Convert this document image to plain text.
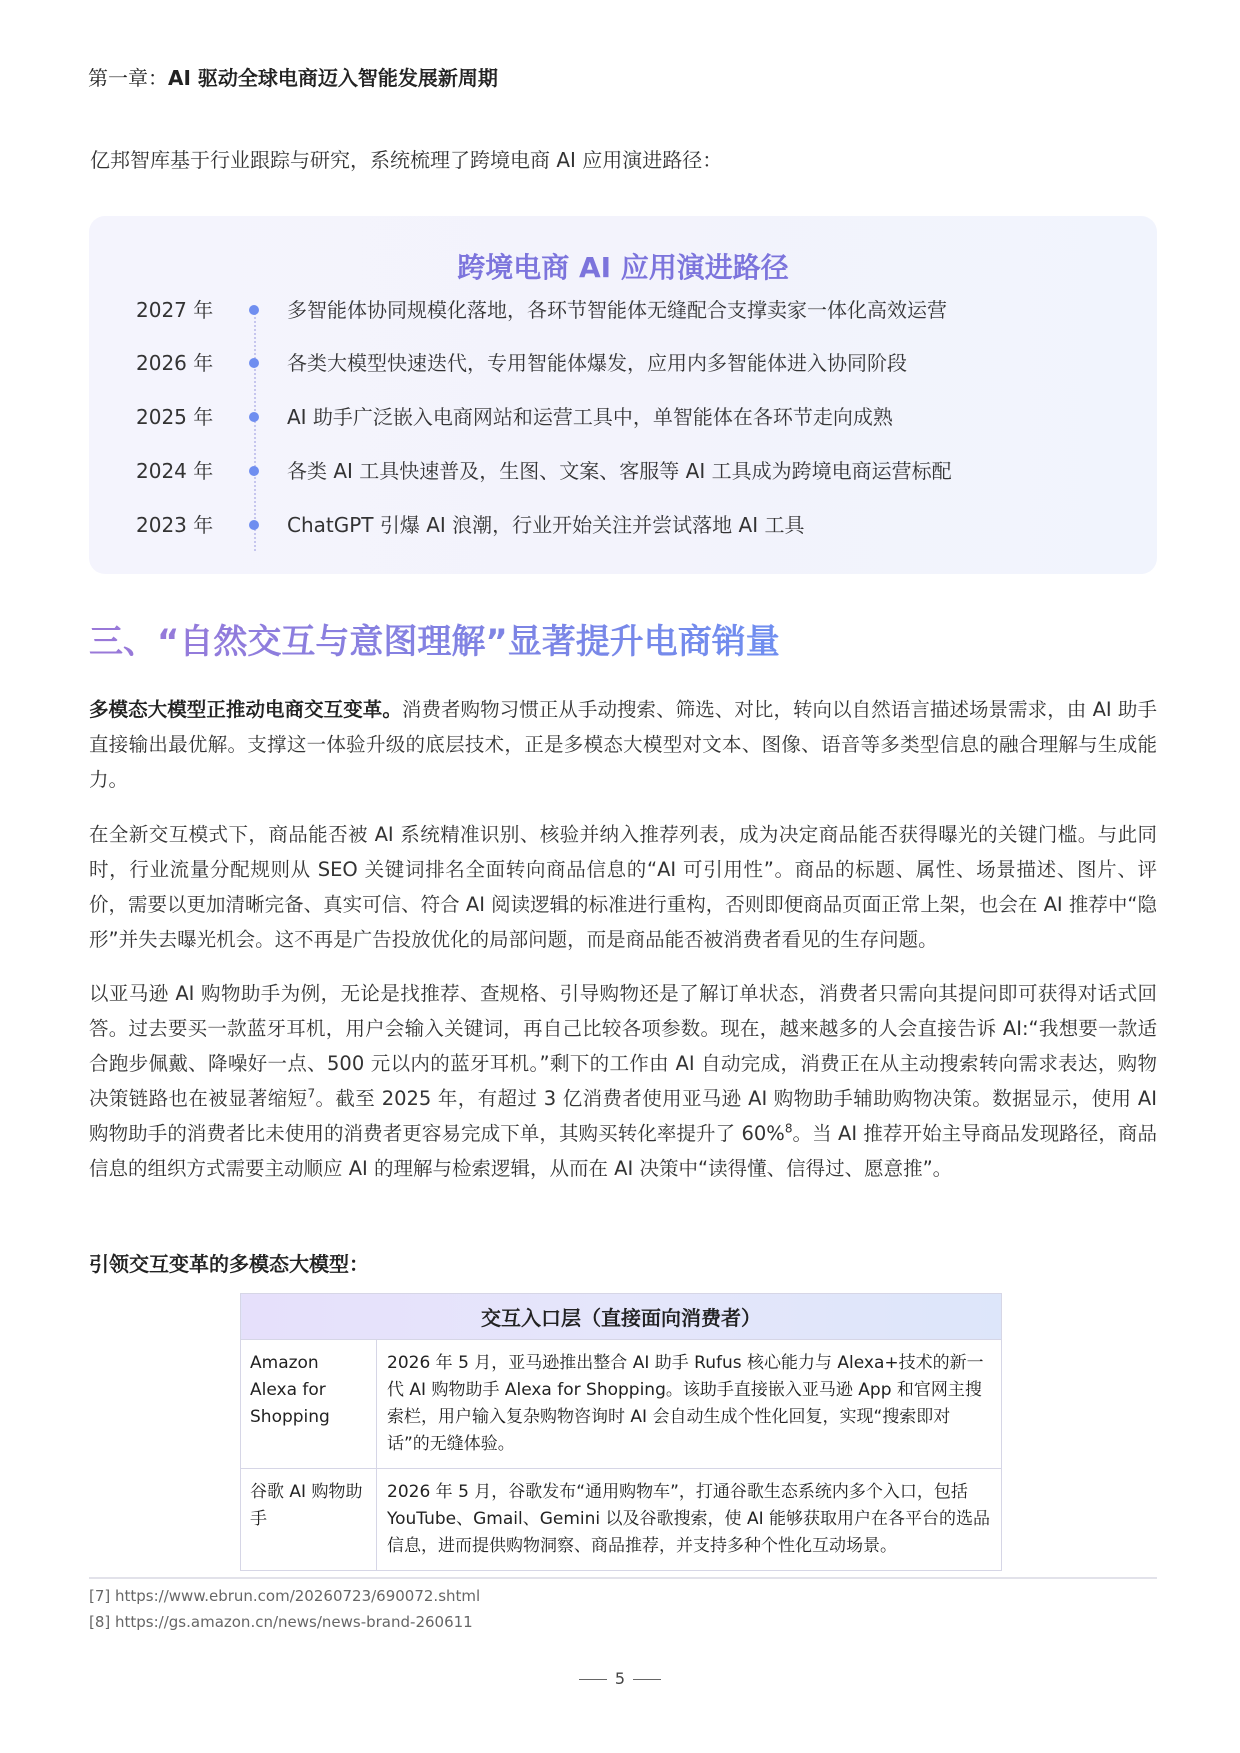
第一章：AI 驱动全球电商迈入智能发展新周期
亿邦智库基于行业跟踪与研究，系统梳理了跨境电商 AI 应用演进路径：
跨境电商 AI 应用演进路径
2027 年	多智能体协同规模化落地，各环节智能体无缝配合支撑卖家一体化高效运营
2026 年	各类大模型快速迭代，专用智能体爆发，应用内多智能体进入协同阶段
2025 年	AI 助手广泛嵌入电商网站和运营工具中，单智能体在各环节走向成熟
2024 年	各类 AI 工具快速普及，生图、文案、客服等 AI 工具成为跨境电商运营标配
2023 年	ChatGPT 引爆 AI 浪潮，行业开始关注并尝试落地 AI 工具
三、“自然交互与意图理解”显著提升电商销量
多模态大模型正推动电商交互变革。消费者购物习惯正从手动搜索、筛选、对比，转向以自然语言描述场景需求，由 AI 助手直接输出最优解。支撑这一体验升级的底层技术，正是多模态大模型对文本、图像、语音等多类型信息的融合理解与生成能力。
在全新交互模式下，商品能否被 AI 系统精准识别、核验并纳入推荐列表，成为决定商品能否获得曝光的关键门槛。与此同时，行业流量分配规则从 SEO 关键词排名全面转向商品信息的“AI 可引用性”。商品的标题、属性、场景描述、图片、评价，需要以更加清晰完备、真实可信、符合 AI 阅读逻辑的标准进行重构，否则即便商品页面正常上架，也会在 AI 推荐中“隐形”并失去曝光机会。这不再是广告投放优化的局部问题，而是商品能否被消费者看见的生存问题。
以亚马逊 AI 购物助手为例，无论是找推荐、查规格、引导购物还是了解订单状态，消费者只需向其提问即可获得对话式回答。过去要买一款蓝牙耳机，用户会输入关键词，再自己比较各项参数。现在，越来越多的人会直接告诉 AI:“我想要一款适合跑步佩戴、降噪好一点、500 元以内的蓝牙耳机。”剩下的工作由 AI 自动完成，消费正在从主动搜索转向需求表达，购物决策链路也在被显著缩短$^7$。截至 2025 年，有超过 3 亿消费者使用亚马逊 AI 购物助手辅助购物决策。数据显示，使用 AI 购物助手的消费者比未使用的消费者更容易完成下单，其购买转化率提升了 60%$^8$。当 AI 推荐开始主导商品发现路径，商品信息的组织方式需要主动顺应 AI 的理解与检索逻辑，从而在 AI 决策中“读得懂、信得过、愿意推”。
引领交互变革的多模态大模型：
交互入口层（直接面向消费者）	
Amazon Alexa for Shopping	2026 年 5 月，亚马逊推出整合 AI 助手 Rufus 核心能力与 Alexa+技术的新一代 AI 购物助手 Alexa for Shopping。该助手直接嵌入亚马逊 App 和官网主搜索栏，用户输入复杂购物咨询时 AI 会自动生成个性化回复，实现“搜索即对话”的无缝体验。
谷歌 AI 购物助手	2026 年 5 月，谷歌发布“通用购物车”，打通谷歌生态系统内多个入口，包括 YouTube、Gmail、Gemini 以及谷歌搜索，使 AI 能够获取用户在各平台的选品信息，进而提供购物洞察、商品推荐，并支持多种个性化互动场景。
[7] https://www.ebrun.com/20260723/690072.shtml
[8] https://gs.amazon.cn/news/news-brand-260611
5
